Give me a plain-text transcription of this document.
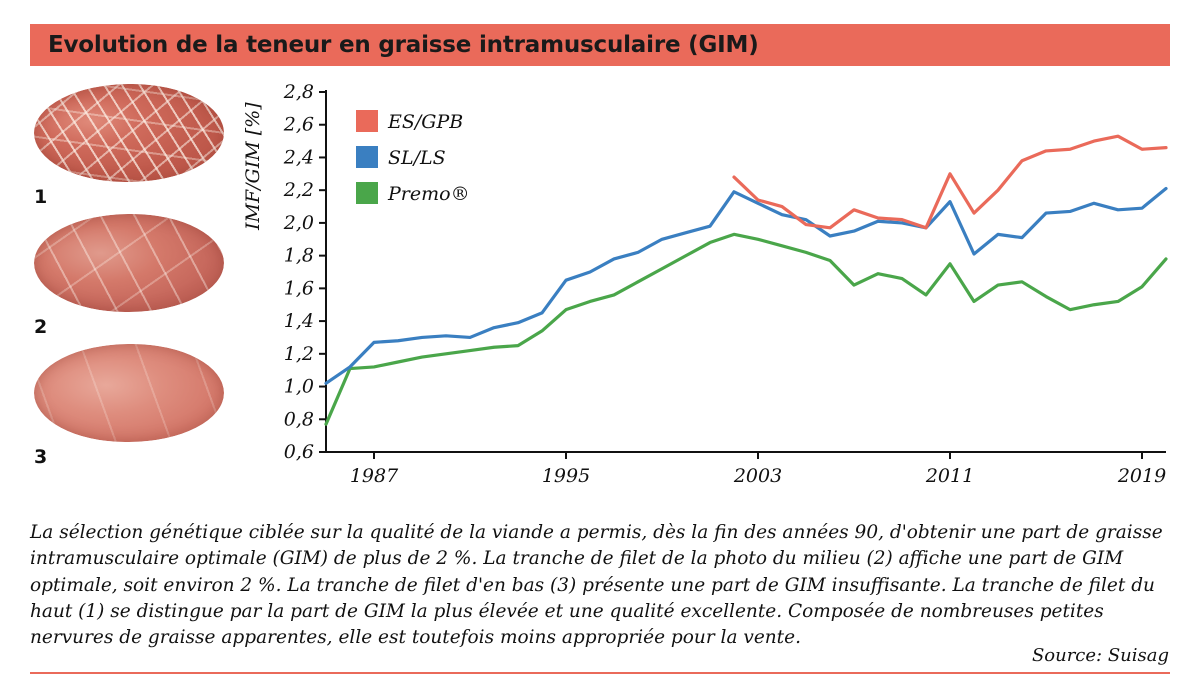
Evolution de la teneur en graisse intramusculaire (GIM)
1
2
3
IMF/GIM [%]
0,6
0,8
1,0
1,2
1,4
1,6
1,8
2,0
2,2
2,4
2,6
2,8
1987	1995	2003	2011	2019
ES/GPB
SL/LS
Premo®
La sélection génétique ciblée sur la qualité de la viande a permis, dès la fin des années 90, d'obtenir une part de graisse intramusculaire optimale (GIM) de plus de 2 %. La tranche de filet de la photo du milieu (2) affiche une part de GIM optimale, soit environ 2 %. La tranche de filet d'en bas (3) présente une part de GIM insuffisante. La tranche de filet du haut (1) se distingue par la part de GIM la plus élevée et une qualité excellente. Composée de nombreuses petites nervures de graisse apparentes, elle est toutefois moins appropriée pour la vente.
Source: Suisag
